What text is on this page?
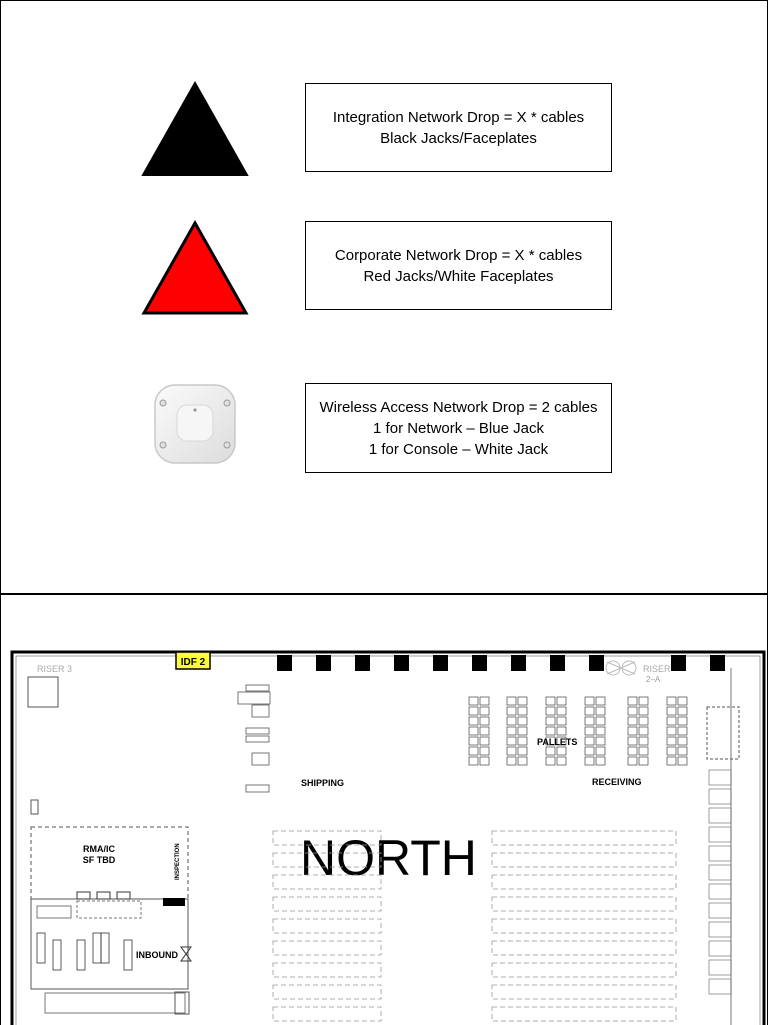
Integration Network Drop = X * cables
Black Jacks/Faceplates
Corporate Network Drop = X * cables
Red Jacks/White Faceplates
Wireless Access Network Drop = 2 cables
1 for Network – Blue Jack
1 for Console – White Jack
IDF 2
RISER 3	RISER
2–A
PALLETS
SHIPPING	RECEIVING
NORTH
RMA/IC
SF TBD	INSPECTION
INBOUND
